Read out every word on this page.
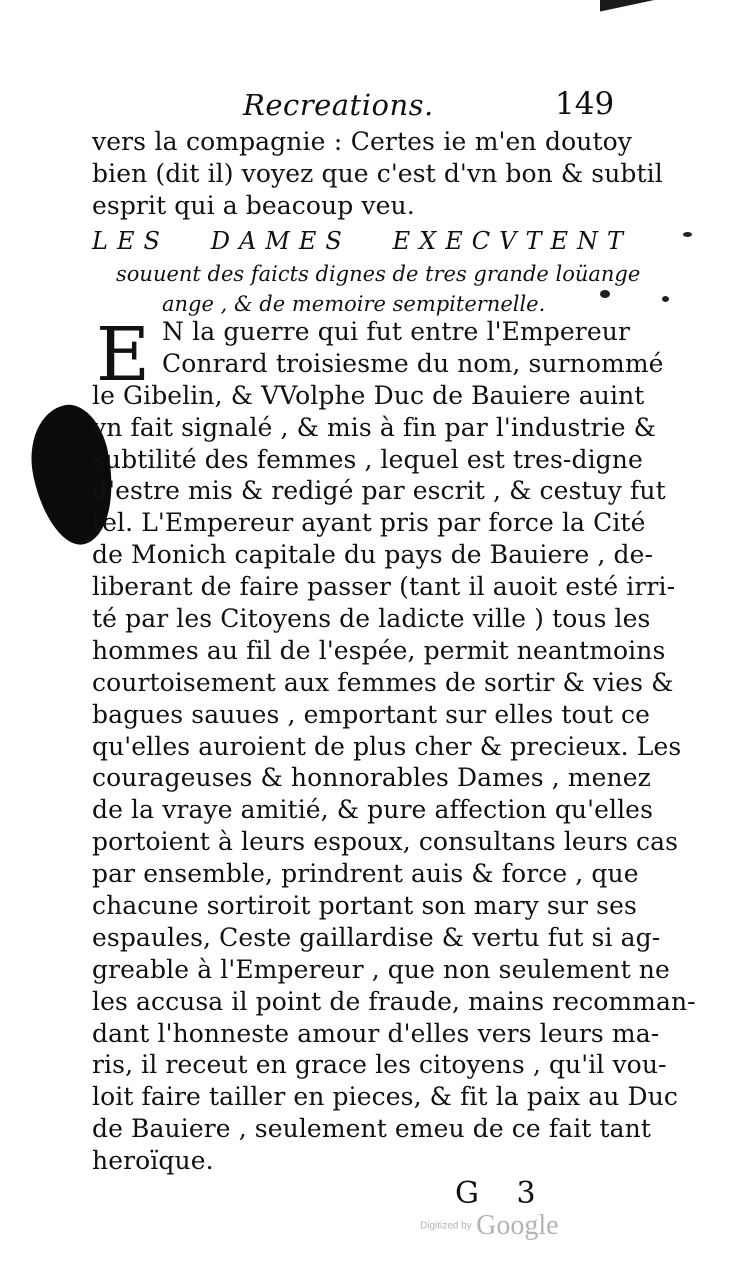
Recreations.	149
vers la compagnie : Certes ie m'en doutoy
bien (dit il) voyez que c'est d'vn bon & subtil
esprit qui a beacoup veu.
LES DAMES EXECVTENT
souuent des faicts dignes de tres grande loüange
ange , & de memoire sempiternelle.
E N la guerre qui fut entre l'Empereur
Conrard troisiesme du nom, surnommé
le Gibelin, & VVolphe Duc de Bauiere auint
vn fait signalé , & mis à fin par l'industrie &
subtilité des femmes , lequel est tres-digne
d'estre mis & redigé par escrit , & cestuy fut
tel. L'Empereur ayant pris par force la Cité
de Monich capitale du pays de Bauiere , de-
liberant de faire passer (tant il auoit esté irri-
té par les Citoyens de ladicte ville ) tous les
hommes au fil de l'espée, permit neantmoins
courtoisement aux femmes de sortir & vies &
bagues sauues , emportant sur elles tout ce
qu'elles auroient de plus cher & precieux. Les
courageuses & honnorables Dames , menez
de la vraye amitié, & pure affection qu'elles
portoient à leurs espoux, consultans leurs cas
par ensemble, prindrent auis & force , que
chacune sortiroit portant son mary sur ses
espaules, Ceste gaillardise & vertu fut si ag-
greable à l'Empereur , que non seulement ne
les accusa il point de fraude, mains recomman-
dant l'honneste amour d'elles vers leurs ma-
ris, il receut en grace les citoyens , qu'il vou-
loit faire tailler en pieces, & fit la paix au Duc
de Bauiere , seulement emeu de ce fait tant
heroïque.
G 3
Digitized by Google
